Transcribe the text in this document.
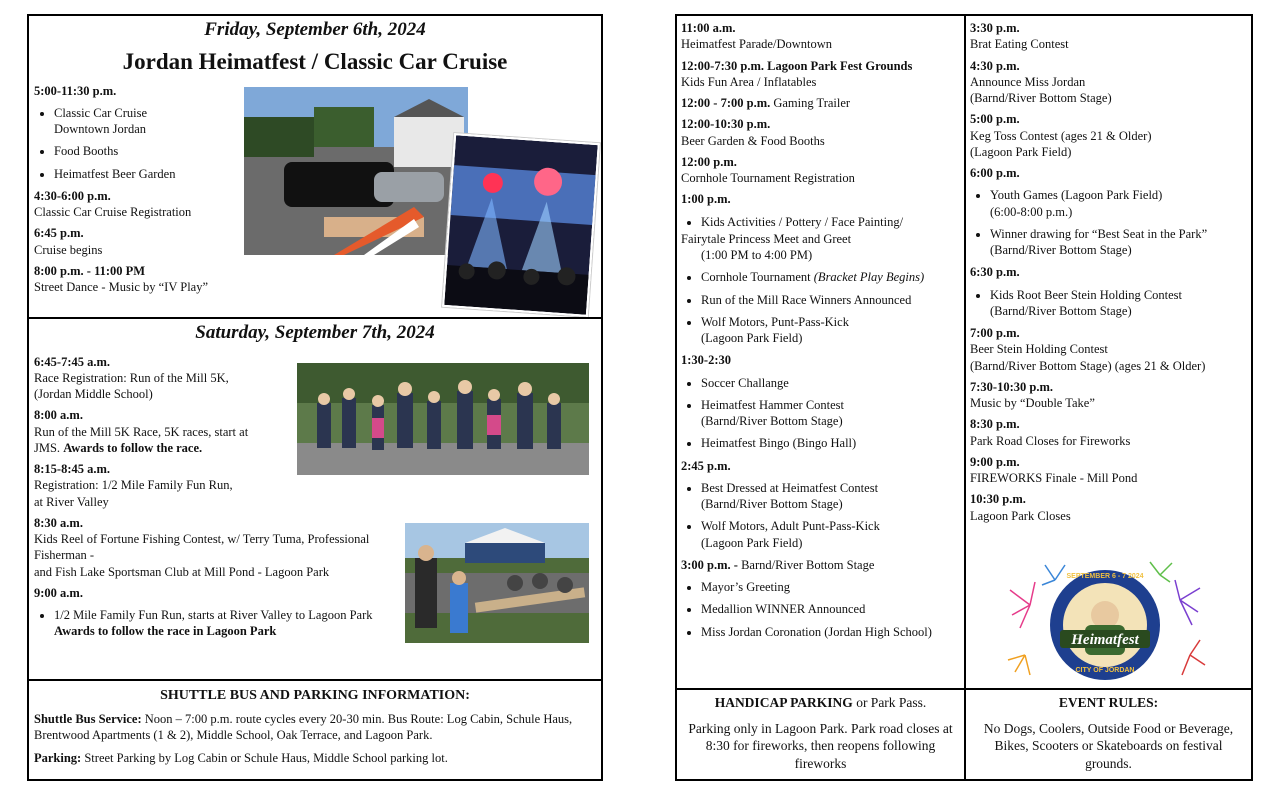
Friday, September 6th, 2024
Jordan Heimatfest / Classic Car Cruise
5:00-11:30 p.m.
• Classic Car Cruise
Downtown Jordan
• Food Booths
• Heimatfest Beer Garden
4:30-6:00 p.m.
Classic Car Cruise Registration
6:45 p.m.
Cruise begins
8:00 p.m. - 11:00 PM
Street Dance - Music by “IV Play”
Saturday, September 7th, 2024
6:45-7:45 a.m.
Race Registration: Run of the Mill 5K,
(Jordan Middle School)
8:00 a.m.
Run of the Mill 5K Race, 5K races, start at
JMS. Awards to follow the race.
8:15-8:45 a.m.
Registration: 1/2 Mile Family Fun Run,
at River Valley
8:30 a.m.
Kids Reel of Fortune Fishing Contest, w/ Terry Tuma, Professional
Fisherman -
and Fish Lake Sportsman Club at Mill Pond - Lagoon Park
9:00 a.m.
• 1/2 Mile Family Fun Run, starts at River Valley to Lagoon Park
Awards to follow the race in Lagoon Park
SHUTTLE BUS AND PARKING INFORMATION:
Shuttle Bus Service: Noon – 7:00 p.m. route cycles every 20-30 min. Bus Route: Log Cabin, Schule Haus, Brentwood Apartments (1 & 2), Middle School, Oak Terrace, and Lagoon Park.
Parking: Street Parking by Log Cabin or Schule Haus, Middle School parking lot.
11:00 a.m.
Heimatfest Parade/Downtown
12:00-7:30 p.m. Lagoon Park Fest Grounds
Kids Fun Area / Inflatables
12:00 - 7:00 p.m. Gaming Trailer
12:00-10:30 p.m.
Beer Garden & Food Booths
12:00 p.m.
Cornhole Tournament Registration
1:00 p.m.
• Kids Activities / Pottery / Face Painting/
Fairytale Princess Meet and Greet
(1:00 PM to 4:00 PM)
• Cornhole Tournament (Bracket Play Begins)
• Run of the Mill Race Winners Announced
• Wolf Motors, Punt-Pass-Kick
(Lagoon Park Field)
1:30-2:30
• Soccer Challange
• Heimatfest Hammer Contest
(Barnd/River Bottom Stage)
• Heimatfest Bingo (Bingo Hall)
2:45 p.m.
• Best Dressed at Heimatfest Contest
(Barnd/River Bottom Stage)
• Wolf Motors, Adult Punt-Pass-Kick
(Lagoon Park Field)
3:00 p.m. - Barnd/River Bottom Stage
• Mayor’s Greeting
• Medallion WINNER Announced
• Miss Jordan Coronation (Jordan High School)
3:30 p.m.
Brat Eating Contest
4:30 p.m.
Announce Miss Jordan
(Barnd/River Bottom Stage)
5:00 p.m.
Keg Toss Contest (ages 21 & Older)
(Lagoon Park Field)
6:00 p.m.
• Youth Games (Lagoon Park Field)
(6:00-8:00 p.m.)
• Winner drawing for “Best Seat in the Park”
(Barnd/River Bottom Stage)
6:30 p.m.
• Kids Root Beer Stein Holding Contest
(Barnd/River Bottom Stage)
7:00 p.m.
Beer Stein Holding Contest
(Barnd/River Bottom Stage) (ages 21 & Older)
7:30-10:30 p.m.
Music by “Double Take”
8:30 p.m.
Park Road Closes for Fireworks
9:00 p.m.
FIREWORKS Finale - Mill Pond
10:30 p.m.
Lagoon Park Closes
SEPTEMBER 6 - 7 2024
Heimatfest
CITY OF JORDAN
HANDICAP PARKING or Park Pass.
Parking only in Lagoon Park. Park road closes at 8:30 for fireworks, then reopens following fireworks
EVENT RULES:
No Dogs, Coolers, Outside Food or Beverage, Bikes, Scooters or Skateboards on festival grounds.
